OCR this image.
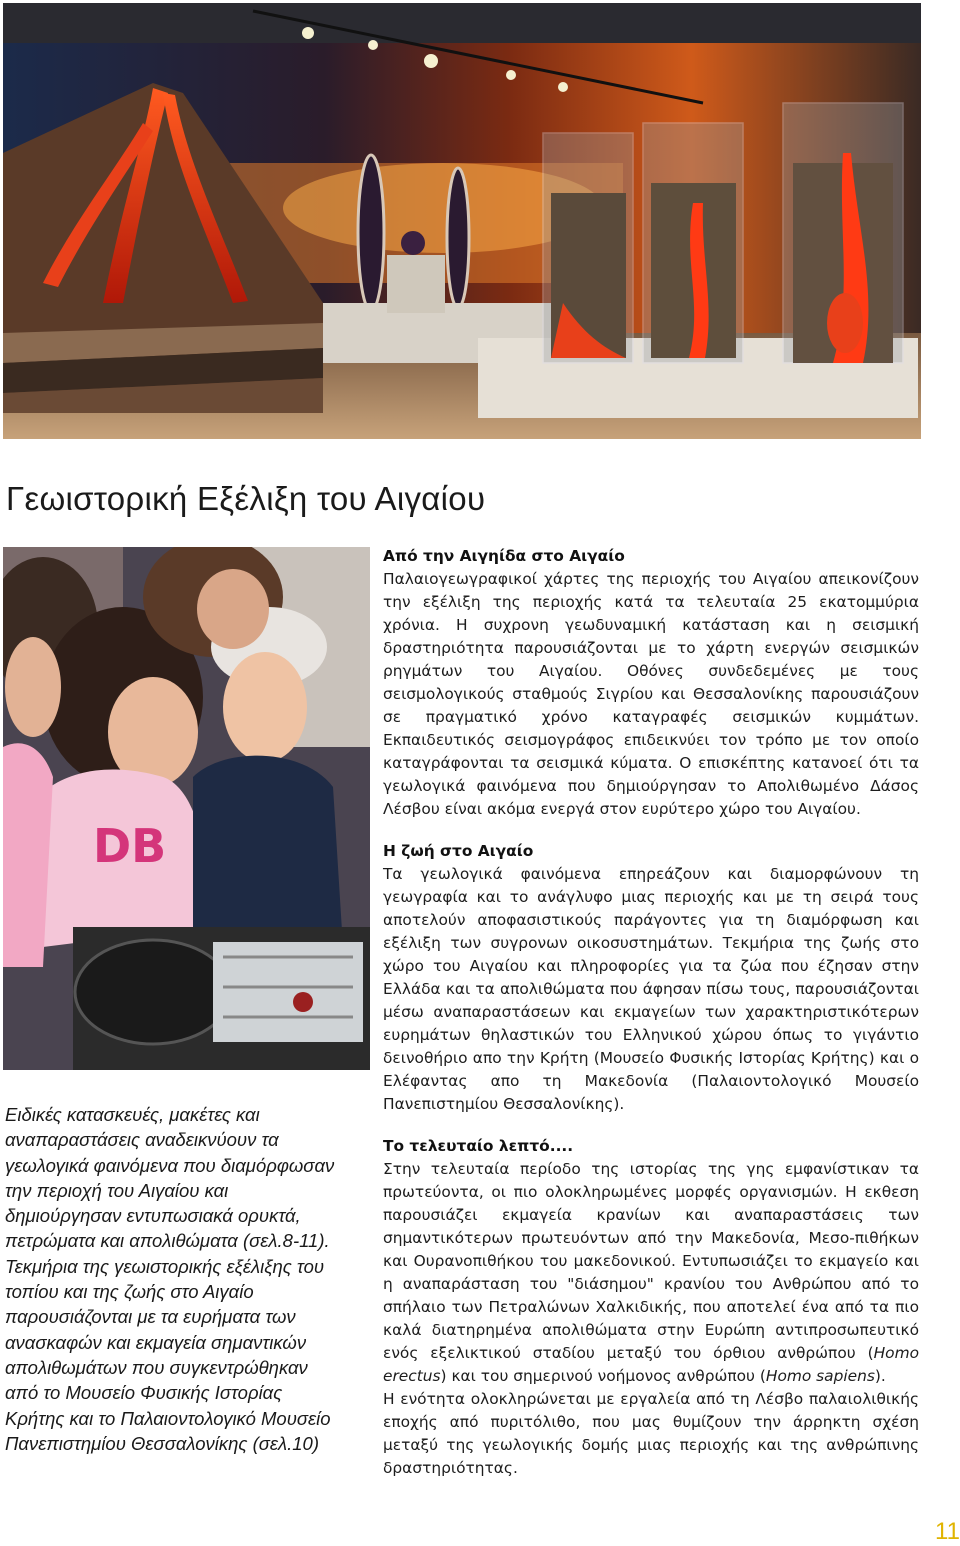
Γεωιστορική Εξέλιξη του Αιγαίου
DB

Ειδικές κατασκευές, μακέτες και αναπαραστάσεις αναδεικνύουν τα γεωλογικά φαινόμενα που διαμόρφωσαν την περιοχή του Αιγαίου και δημιούργησαν εντυπωσιακά ορυκτά, πετρώματα και απολιθώματα (σελ.8-11). Τεκμήρια της γεωιστορικής εξέλιξης του τοπίου και της ζωής στο Αιγαίο παρουσιάζονται με τα ευρήματα των ανασκαφών και εκμαγεία σημαντικών απολιθωμάτων που συγκεντρώθηκαν από το Μουσείο Φυσικής Ιστορίας Κρήτης και το Παλαιοντολογικό Μουσείο Πανεπιστημίου Θεσσαλονίκης (σελ.10)

Από την Αιγηίδα στο Αιγαίο

Παλαιογεωγραφικοί χάρτες της περιοχής του Αιγαίου απεικονίζουν την εξέλιξη της περιοχής κατά τα τελευταία 25 εκατομμύρια χρόνια. Η συχρονη γεωδυναμική κατάσταση και η σεισμική δραστηριότητα παρουσιάζονται με το χάρτη ενεργών σεισμικών ρηγμάτων του Αιγαίου. Οθόνες συνδεδεμένες με τους σεισμολογικούς σταθμούς Σιγρίου και Θεσσαλονίκης παρουσιάζουν σε πραγματικό χρόνο καταγραφές σεισμικών κυμμάτων. Εκπαιδευτικός σεισμογράφος επιδεικνύει τον τρόπο με τον οποίο καταγράφονται τα σεισμικά κύματα. Ο επισκέπτης κατανοεί ότι τα γεωλογικά φαινόμενα που δημιούργησαν το Απολιθωμένο Δάσος Λέσβου είναι ακόμα ενεργά στον ευρύτερο χώρο του Αιγαίου.

Η ζωή στο Αιγαίο

Τα γεωλογικά φαινόμενα επηρεάζουν και διαμορφώνουν τη γεωγραφία και το ανάγλυφο μιας περιοχής και με τη σειρά τους αποτελούν αποφασιστικούς παράγοντες για τη διαμόρφωση και εξέλιξη των συγρονων οικοσυστημάτων. Τεκμήρια της ζωής στο χώρο του Αιγαίου και πληροφορίες για τα ζώα που έζησαν στην Ελλάδα και τα απολιθώματα που άφησαν πίσω τους, παρουσιάζονται μέσω αναπαραστάσεων και εκμαγείων των χαρακτηριστικότερων ευρημάτων θηλαστικών του Ελληνικού χώρου όπως το γιγάντιο δεινοθήριο απο την Κρήτη (Μουσείο Φυσικής Ιστορίας Κρήτης) και ο Ελέφαντας απο τη Μακεδονία (Παλαιοντολογικό Μουσείο Πανεπιστημίου Θεσσαλονίκης).

Το τελευταίο λεπτό....

Στην τελευταία περίοδο της ιστορίας της γης εμφανίστικαν τα πρωτεύοντα, οι πιο ολοκληρωμένες μορφές οργανισμών. Η εκθεση παρουσιάζει εκμαγεία κρανίων και αναπαραστάσεις των σημαντικότερων πρωτευόντων από την Μακεδονία, Μεσο-πιθήκων και Ουρανοπιθήκου του μακεδονικού. Εντυπωσιάζει το εκμαγείο και η αναπαράσταση του "διάσημου" κρανίου του Ανθρώπου από το σπήλαιο των Πετραλώνων Χαλκιδικής, που αποτελεί ένα από τα πιο καλά διατηρημένα απολιθώματα στην Ευρώπη αντιπροσωπευτικό ενός εξελικτικού σταδίου μεταξύ του όρθιου ανθρώπου (Homo erectus) και του σημερινού νοήμονος ανθρώπου (Homo sapiens).

Η ενότητα ολοκληρώνεται με εργαλεία από τη Λέσβο παλαιολιθικής εποχής από πυριτόλιθο, που μας θυμίζουν την άρρηκτη σχέση μεταξύ της γεωλογικής δομής μιας περιοχής και της ανθρώπινης δραστηριότητας.

11
